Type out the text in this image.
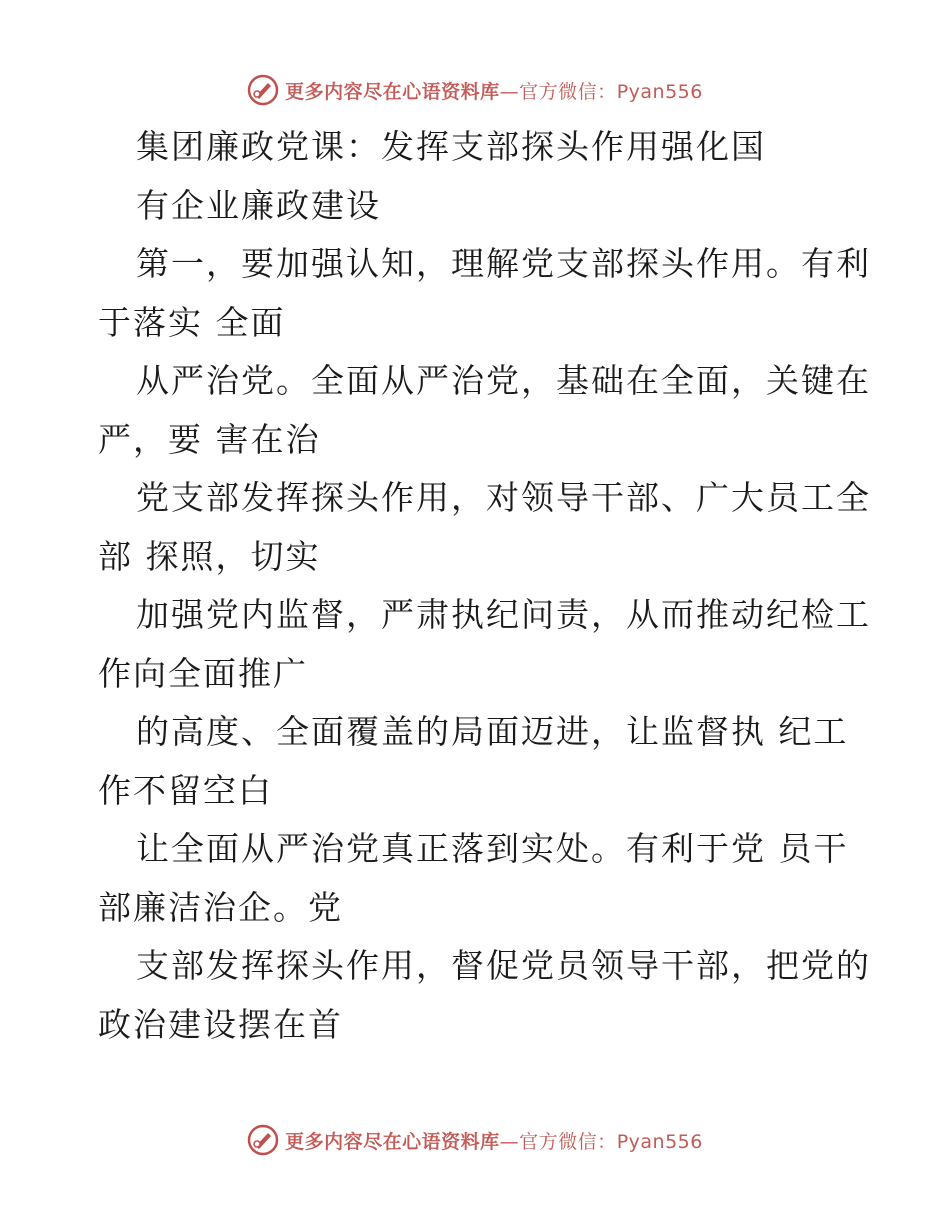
更多内容尽在心语资料库—官方微信：Pyan556
集团廉政党课：发挥支部探头作用强化国
有企业廉政建设
第一，要加强认知，理解党支部探头作用。有利
于落实 全面
从严治党。全面从严治党，基础在全面，关键在
严，要 害在治
党支部发挥探头作用，对领导干部、广大员工全
部 探照，切实
加强党内监督，严肃执纪问责，从而推动纪检工
作向全面推广
的高度、全面覆盖的局面迈进，让监督执 纪工
作不留空白
让全面从严治党真正落到实处。有利于党 员干
部廉洁治企。党
支部发挥探头作用，督促党员领导干部，把党的
政治建设摆在首
更多内容尽在心语资料库—官方微信：Pyan556
